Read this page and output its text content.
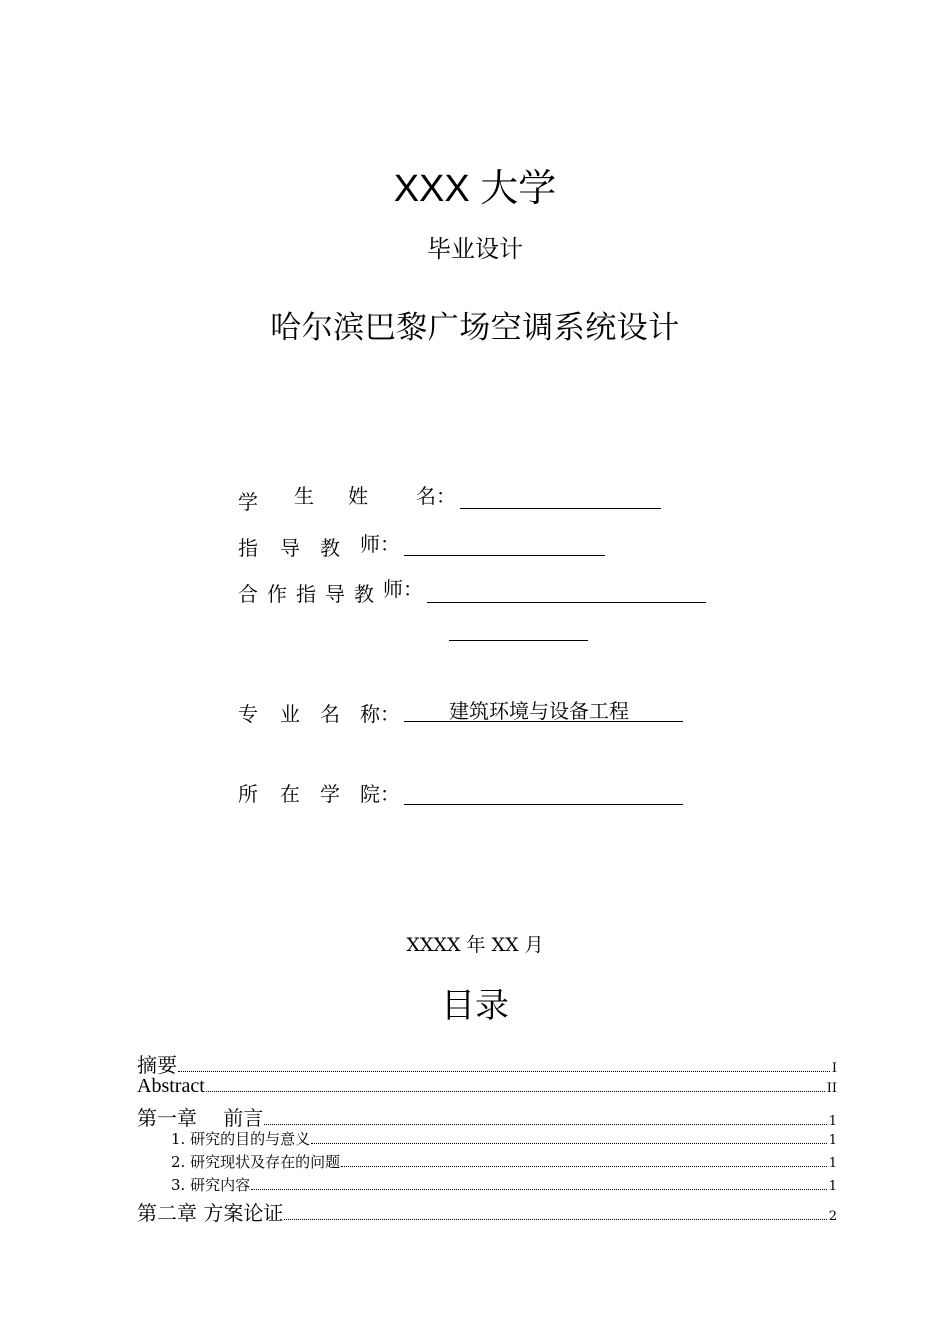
XXX 大学
毕业设计
哈尔滨巴黎广场空调系统设计
学 生 姓 名：
指 导 教 师：
合 作 指 导 教 师：
专 业 名 称： 建筑环境与设备工程
所 在 学 院：
XXXX 年 XX 月
目录
摘要	I
Abstract	II
第一章　 前言	1
1. 研究的目的与意义	1
2. 研究现状及存在的问题	1
3. 研究内容	1
第二章 方案论证	2
